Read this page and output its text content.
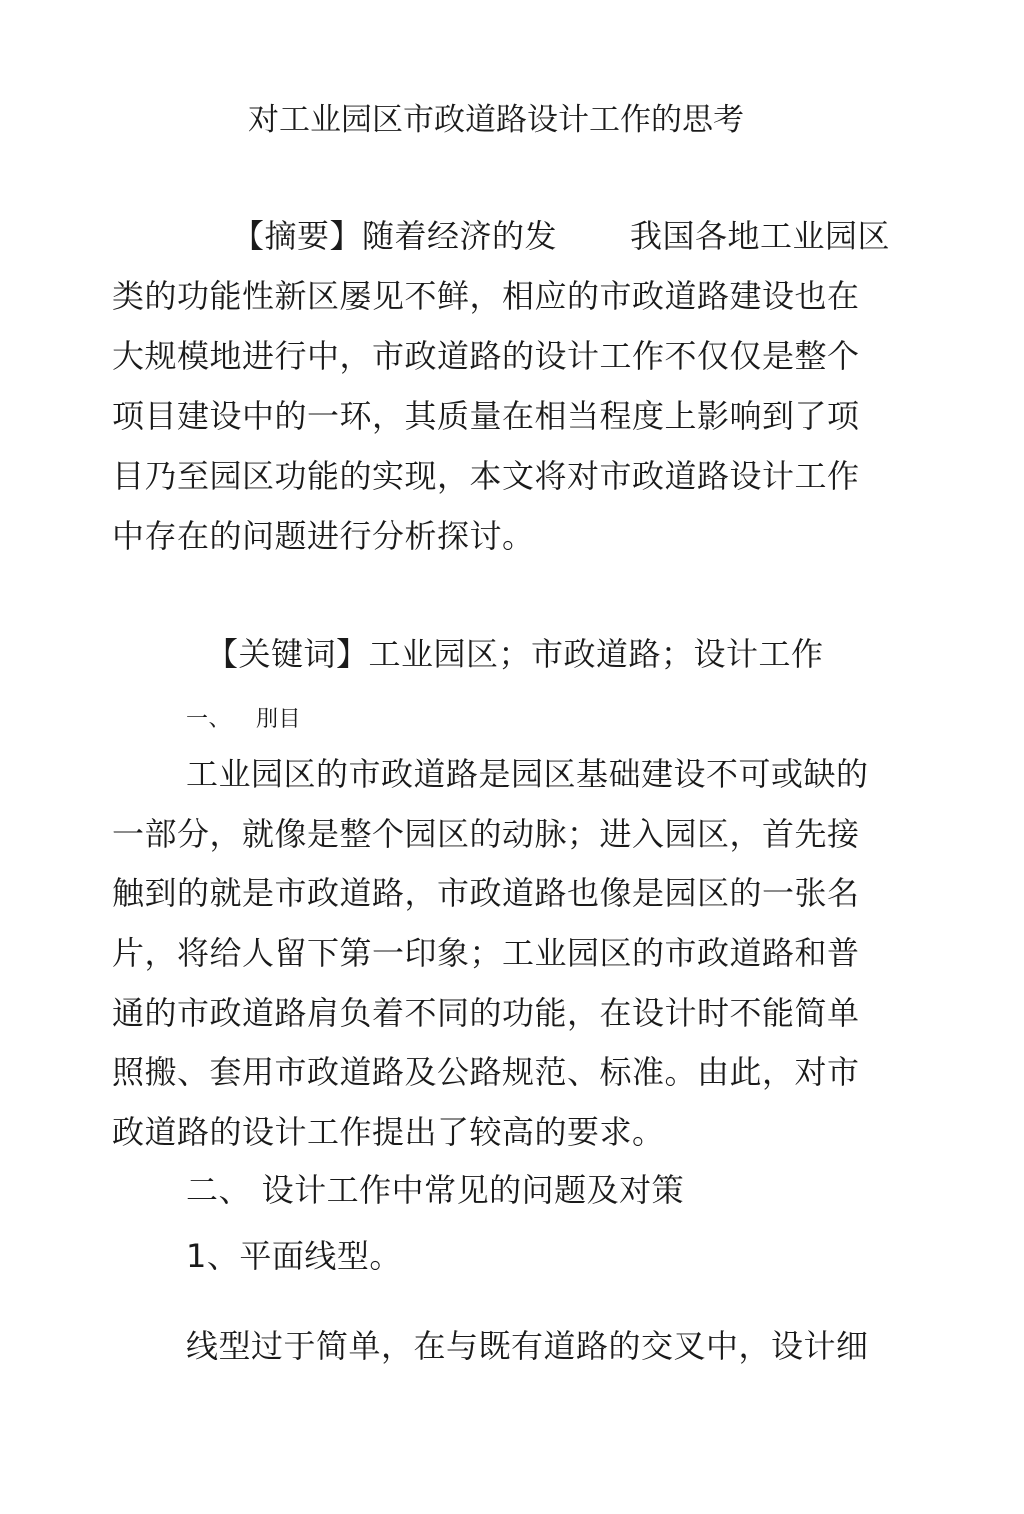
对工业园区市政道路设计工作的思考
【摘要】随着经济的发 我国各地工业园区
类的功能性新区屡见不鲜，相应的市政道路建设也在
大规模地进行中，市政道路的设计工作不仅仅是整个
项目建设中的一环，其质量在相当程度上影响到了项
目乃至园区功能的实现，本文将对市政道路设计工作
中存在的问题进行分析探讨。
【关键词】工业园区；市政道路；设计工作
一、 刖目
工业园区的市政道路是园区基础建设不可或缺的
一部分，就像是整个园区的动脉；进入园区，首先接
触到的就是市政道路，市政道路也像是园区的一张名
片，将给人留下第一印象；工业园区的市政道路和普
通的市政道路肩负着不同的功能，在设计时不能简单
照搬、套用市政道路及公路规范、标准。由此，对市
政道路的设计工作提出了较高的要求。
二、 设计工作中常见的问题及对策
1、平面线型。
线型过于简单，在与既有道路的交叉中，设计细
